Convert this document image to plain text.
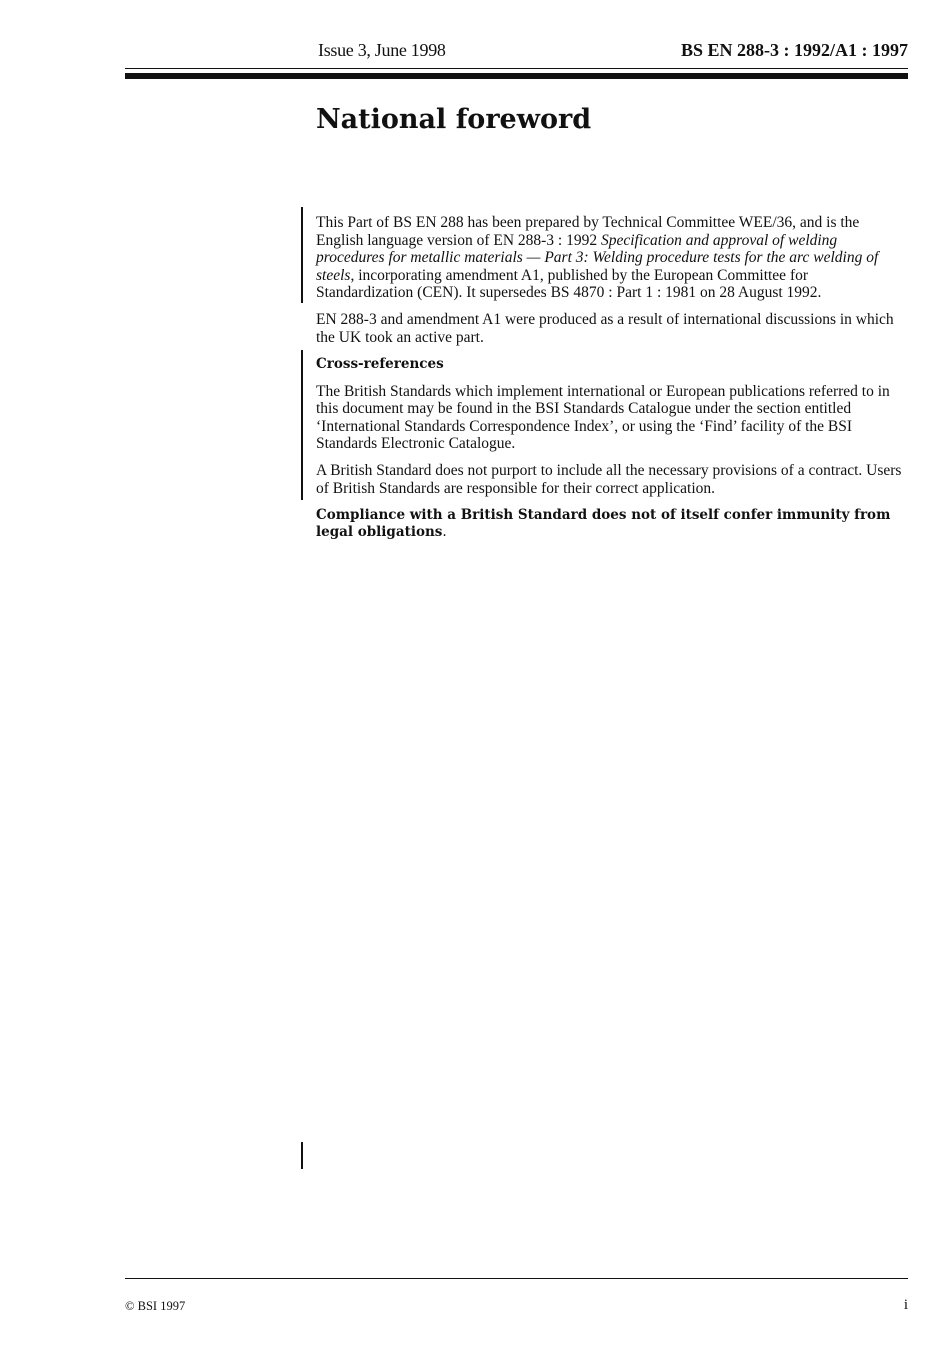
Issue 3, June 1998	BS EN 288-3 : 1992/A1 : 1997
National foreword

This Part of BS EN 288 has been prepared by Technical Committee WEE/36, and is the English language version of EN 288-3 : 1992 Specification and approval of welding procedures for metallic materials — Part 3: Welding procedure tests for the arc welding of steels, incorporating amendment A1, published by the European Committee for Standardization (CEN). It supersedes BS 4870 : Part 1 : 1981 on 28 August 1992.

EN 288-3 and amendment A1 were produced as a result of international discussions in which the UK took an active part.

Cross-references

The British Standards which implement international or European publications referred to in this document may be found in the BSI Standards Catalogue under the section entitled ‘International Standards Correspondence Index’, or using the ‘Find’ facility of the BSI Standards Electronic Catalogue.

A British Standard does not purport to include all the necessary provisions of a contract. Users of British Standards are responsible for their correct application.

Compliance with a British Standard does not of itself confer immunity from legal obligations.

© BSI 1997	i
